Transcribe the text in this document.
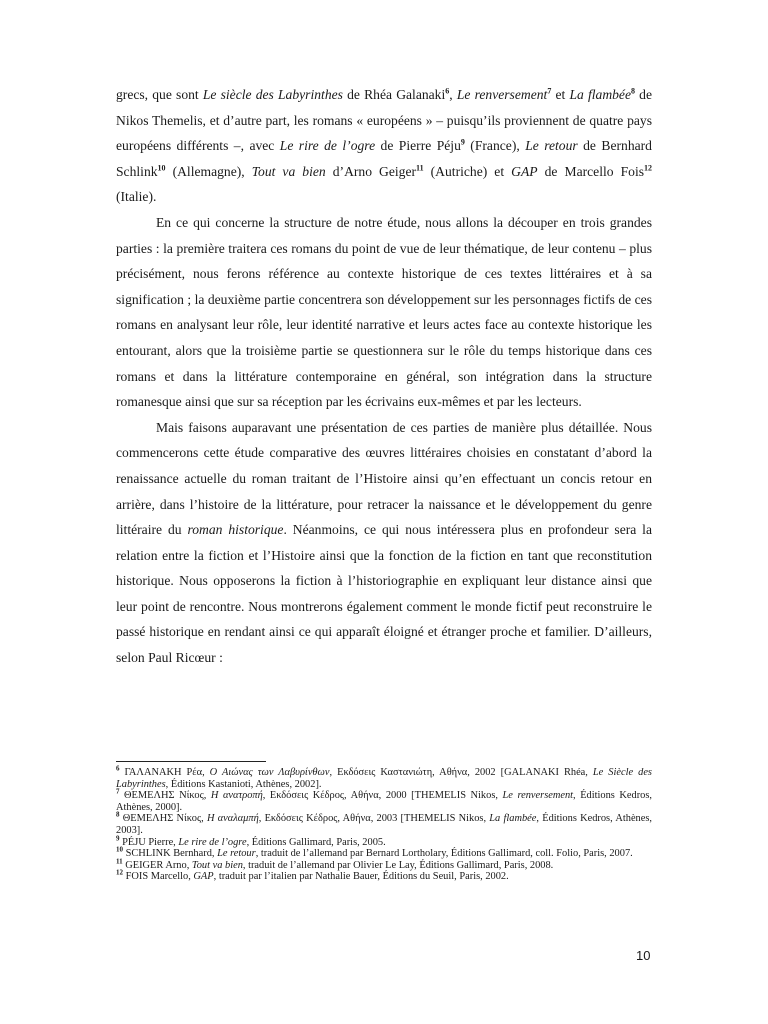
grecs, que sont Le siècle des Labyrinthes de Rhéa Galanaki$^6$, Le renversement$^7$ et La flambée$^8$ de Nikos Themelis, et d’autre part, les romans « européens » – puisqu’ils proviennent de quatre pays européens différents –, avec Le rire de l’ogre de Pierre Péju$^9$ (France), Le retour de Bernhard Schlink$^{10}$ (Allemagne), Tout va bien d’Arno Geiger$^{11}$ (Autriche) et GAP de Marcello Fois$^{12}$ (Italie).

En ce qui concerne la structure de notre étude, nous allons la découper en trois grandes parties : la première traitera ces romans du point de vue de leur thématique, de leur contenu – plus précisément, nous ferons référence au contexte historique de ces textes littéraires et à sa signification ; la deuxième partie concentrera son développement sur les personnages fictifs de ces romans en analysant leur rôle, leur identité narrative et leurs actes face au contexte historique les entourant, alors que la troisième partie se questionnera sur le rôle du temps historique dans ces romans et dans la littérature contemporaine en général, son intégration dans la structure romanesque ainsi que sur sa réception par les écrivains eux-mêmes et par les lecteurs.

Mais faisons auparavant une présentation de ces parties de manière plus détaillée. Nous commencerons cette étude comparative des œuvres littéraires choisies en constatant d’abord la renaissance actuelle du roman traitant de l’Histoire ainsi qu’en effectuant un concis retour en arrière, dans l’histoire de la littérature, pour retracer la naissance et le développement du genre littéraire du roman historique. Néanmoins, ce qui nous intéressera plus en profondeur sera la relation entre la fiction et l’Histoire ainsi que la fonction de la fiction en tant que reconstitution historique. Nous opposerons la fiction à l’historiographie en expliquant leur distance ainsi que leur point de rencontre. Nous montrerons également comment le monde fictif peut reconstruire le passé historique en rendant ainsi ce qui apparaît éloigné et étranger proche et familier. D’ailleurs, selon Paul Ricœur :

$^6$ ΓΑΛΑΝΑΚΗ Ρέα, Ο Αιώνας των Λαβυρίνθων, Εκδόσεις Καστανιώτη, Αθήνα, 2002 [GALANAKI Rhéa, Le Siècle des Labyrinthes, Éditions Kastanioti, Athènes, 2002].

$^7$ ΘΕΜΕΛΗΣ Νίκος, Η ανατροπή, Εκδόσεις Κέδρος, Αθήνα, 2000 [THEMELIS Nikos, Le renversement, Éditions Kedros, Athènes, 2000].

$^8$ ΘΕΜΕΛΗΣ Νίκος, Η αναλαμπή, Εκδόσεις Κέδρος, Αθήνα, 2003 [THEMELIS Nikos, La flambée, Éditions Kedros, Athènes, 2003].

$^9$ PÉJU Pierre, Le rire de l’ogre, Éditions Gallimard, Paris, 2005.

$^{10}$ SCHLINK Bernhard, Le retour, traduit de l’allemand par Bernard Lortholary, Éditions Gallimard, coll. Folio, Paris, 2007.

$^{11}$ GEIGER Arno, Tout va bien, traduit de l’allemand par Olivier Le Lay, Éditions Gallimard, Paris, 2008.

$^{12}$ FOIS Marcello, GAP, traduit par l’italien par Nathalie Bauer, Éditions du Seuil, Paris, 2002.

10
